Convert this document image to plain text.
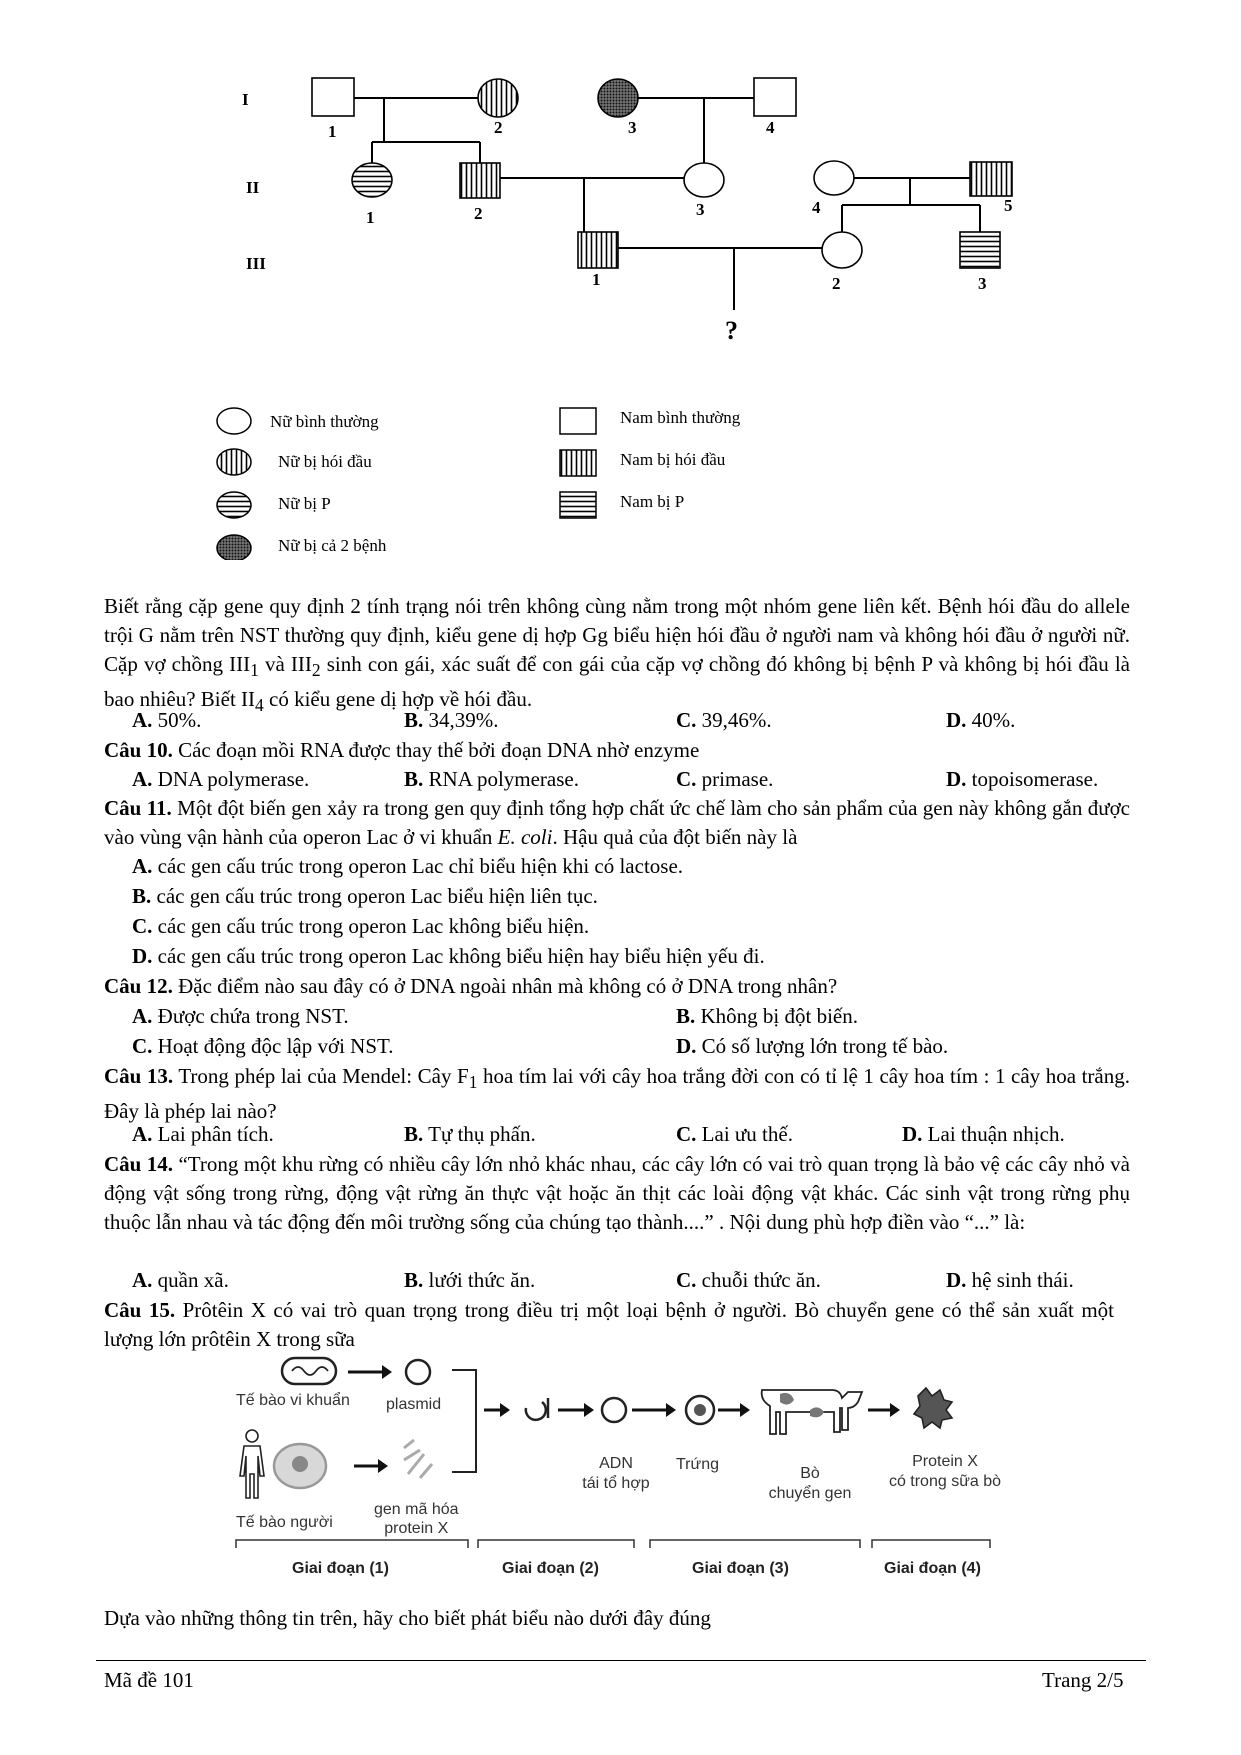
I
II
III
1	2	3	4
1	2	3	4	5
1	2	3
?
Nữ bình thường
Nữ bị hói đầu
Nữ bị P
Nữ bị cả 2 bệnh
Nam bình thường
Nam bị hói đầu
Nam bị P
Biết rằng cặp gene quy định 2 tính trạng nói trên không cùng nằm trong một nhóm gene liên kết. Bệnh hói đầu do allele trội G nằm trên NST thường quy định, kiểu gene dị hợp Gg biểu hiện hói đầu ở người nam và không hói đầu ở người nữ. Cặp vợ chồng $III_1$ và $III_2$ sinh con gái, xác suất để con gái của cặp vợ chồng đó không bị bệnh P và không bị hói đầu là bao nhiêu? Biết $II_4$ có kiểu gene dị hợp về hói đầu.
A. 50%.	B. 34,39%.	C. 39,46%.	D. 40%.
Câu 10. Các đoạn mồi RNA được thay thế bởi đoạn DNA nhờ enzyme
A. DNA polymerase.	B. RNA polymerase.	C. primase.	D. topoisomerase.
Câu 11. Một đột biến gen xảy ra trong gen quy định tổng hợp chất ức chế làm cho sản phẩm của gen này không gắn được vào vùng vận hành của operon Lac ở vi khuẩn E. coli. Hậu quả của đột biến này là
A. các gen cấu trúc trong operon Lac chỉ biểu hiện khi có lactose.
B. các gen cấu trúc trong operon Lac biểu hiện liên tục.
C. các gen cấu trúc trong operon Lac không biểu hiện.
D. các gen cấu trúc trong operon Lac không biểu hiện hay biểu hiện yếu đi.
Câu 12. Đặc điểm nào sau đây có ở DNA ngoài nhân mà không có ở DNA trong nhân?
A. Được chứa trong NST.	B. Không bị đột biến.
C. Hoạt động độc lập với NST.	D. Có số lượng lớn trong tế bào.
Câu 13. Trong phép lai của Mendel: Cây $F_1$ hoa tím lai với cây hoa trắng đời con có tỉ lệ 1 cây hoa tím : 1 cây hoa trắng. Đây là phép lai nào?
A. Lai phân tích.	B. Tự thụ phấn.	C. Lai ưu thế.	D. Lai thuận nhịch.
Câu 14. “Trong một khu rừng có nhiều cây lớn nhỏ khác nhau, các cây lớn có vai trò quan trọng là bảo vệ các cây nhỏ và động vật sống trong rừng, động vật rừng ăn thực vật hoặc ăn thịt các loài động vật khác. Các sinh vật trong rừng phụ thuộc lẫn nhau và tác động đến môi trường sống của chúng tạo thành....” . Nội dung phù hợp điền vào “...” là:
A. quần xã.	B. lưới thức ăn.	C. chuỗi thức ăn.	D. hệ sinh thái.
Câu 15. Prôtêin X có vai trò quan trọng trong điều trị một loại bệnh ở người. Bò chuyển gene có thể sản xuất một lượng lớn prôtêin X trong sữa
Tế bào vi khuẩn plasmid
Tế bào người
gen mã hóa
protein X
ADN
tái tổ hợp
Trứng
Bò
chuyển gen
Protein X
có trong sữa bò
Giai đoạn (1)	Giai đoạn (2)	Giai đoạn (3)	Giai đoạn (4)
Dựa vào những thông tin trên, hãy cho biết phát biểu nào dưới đây đúng
Mã đề 101	Trang 2/5
